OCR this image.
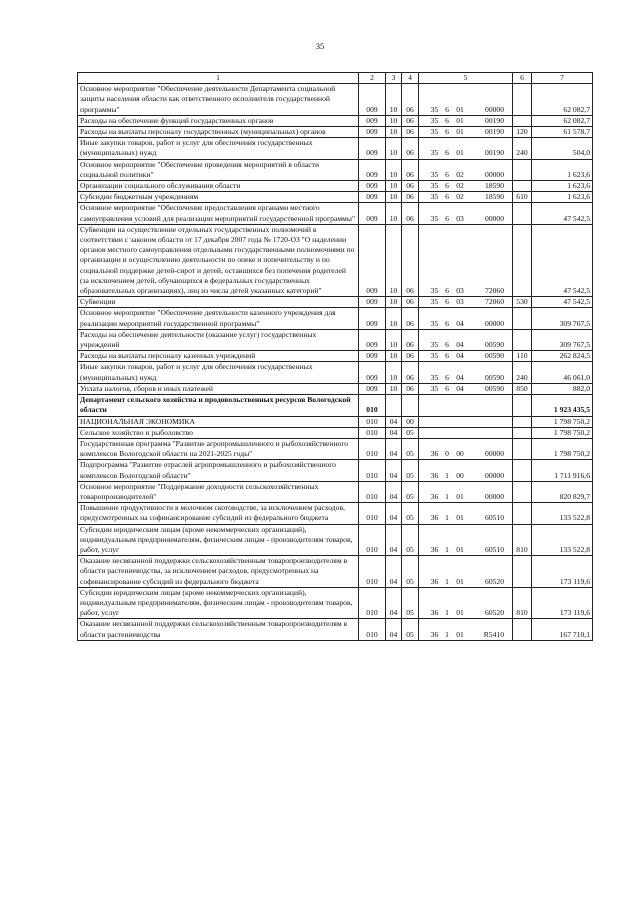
35
1	2	3	4	5	6	7
Основное мероприятие "Обеспечение деятельности Департамента социальной защиты населения области как ответственного исполнителя государственной программы"	009	10	06	35 6 01 00000		62 082,7
Расходы на обеспечение функций государственных органов	009	10	06	35 6 01 00190		62 082,7
Расходы на выплаты персоналу государственных (муниципальных) органов	009	10	06	35 6 01 00190	120	61 578,7
Иные закупки товаров, работ и услуг для обеспечения государственных (муниципальных) нужд	009	10	06	35 6 01 00190	240	504,0
Основное мероприятие "Обеспечение проведения мероприятий в области социальной политики"	009	10	06	35 6 02 00000		1 623,6
Организации социального обслуживания области	009	10	06	35 6 02 18590		1 623,6
Субсидии бюджетным учреждениям	009	10	06	35 6 02 18590	610	1 623,6
Основное мероприятие "Обеспечение предоставления органами местного самоуправления условий для реализации мероприятий государственной программы"	009	10	06	35 6 03 00000		47 542,5
Субвенции на осуществление отдельных государственных полномочий в соответствии с законом области от 17 декабря 2007 года № 1720-ОЗ "О наделении органов местного самоуправления отдельными государственными полномочиями по организации и осуществлению деятельности по опеке и попечительству и по социальной поддержке детей-сирот и детей, оставшихся без попечения родителей (за исключением детей, обучающихся в федеральных государственных образовательных организациях), лиц из числа детей указанных категорий"	009	10	06	35 6 03 72060		47 542,5
Субвенции	009	10	06	35 6 03 72060	530	47 542,5
Основное мероприятие "Обеспечение деятельности казенного учреждения для реализации мероприятий государственной программы"	009	10	06	35 6 04 00000		309 767,5
Расходы на обеспечение деятельности (оказание услуг) государственных учреждений	009	10	06	35 6 04 00590		309 767,5
Расходы на выплаты персоналу казенных учреждений	009	10	06	35 6 04 00590	110	262 824,5
Иные закупки товаров, работ и услуг для обеспечения государственных (муниципальных) нужд	009	10	06	35 6 04 00590	240	46 061,0
Уплата налогов, сборов и иных платежей	009	10	06	35 6 04 00590	850	882,0
Департамент сельского хозяйства и продовольственных ресурсов Вологодской области	010					1 923 435,5
НАЦИОНАЛЬНАЯ ЭКОНОМИКА	010	04	00			1 798 750,2
Сельское хозяйство и рыболовство	010	04	05			1 798 750,2
Государственная программа "Развитие агропромышленного и рыбохозяйственного комплексов Вологодской области на 2021-2025 годы"	010	04	05	36 0 00 00000		1 798 750,2
Подпрограмма "Развитие отраслей агропромышленного и рыбохозяйственного комплексов Вологодской области"	010	04	05	36 1 00 00000		1 711 916,6
Основное мероприятие "Поддержание доходности сельскохозяйственных товаропроизводителей"	010	04	05	36 1 01 00000		820 829,7
Повышение продуктивности в молочном скотоводстве, за исключением расходов, предусмотренных на софинансирование субсидий из федерального бюджета	010	04	05	36 1 01 60510		133 522,8
Субсидии юридическим лицам (кроме некоммерческих организаций), индивидуальным предпринимателям, физическим лицам - производителям товаров, работ, услуг	010	04	05	36 1 01 60510	810	133 522,8
Оказание несвязанной поддержки сельскохозяйственным товаропроизводителям в области растениеводства, за исключением расходов, предусмотренных на софинансирование субсидий из федерального бюджета	010	04	05	36 1 01 60520		173 119,6
Субсидии юридическим лицам (кроме некоммерческих организаций), индивидуальным предпринимателям, физическим лицам - производителям товаров, работ, услуг	010	04	05	36 1 01 60520	810	173 119,6
Оказание несвязанной поддержки сельскохозяйственным товаропроизводителям в области растениеводства	010	04	05	36 1 01 R5410		167 710,1
